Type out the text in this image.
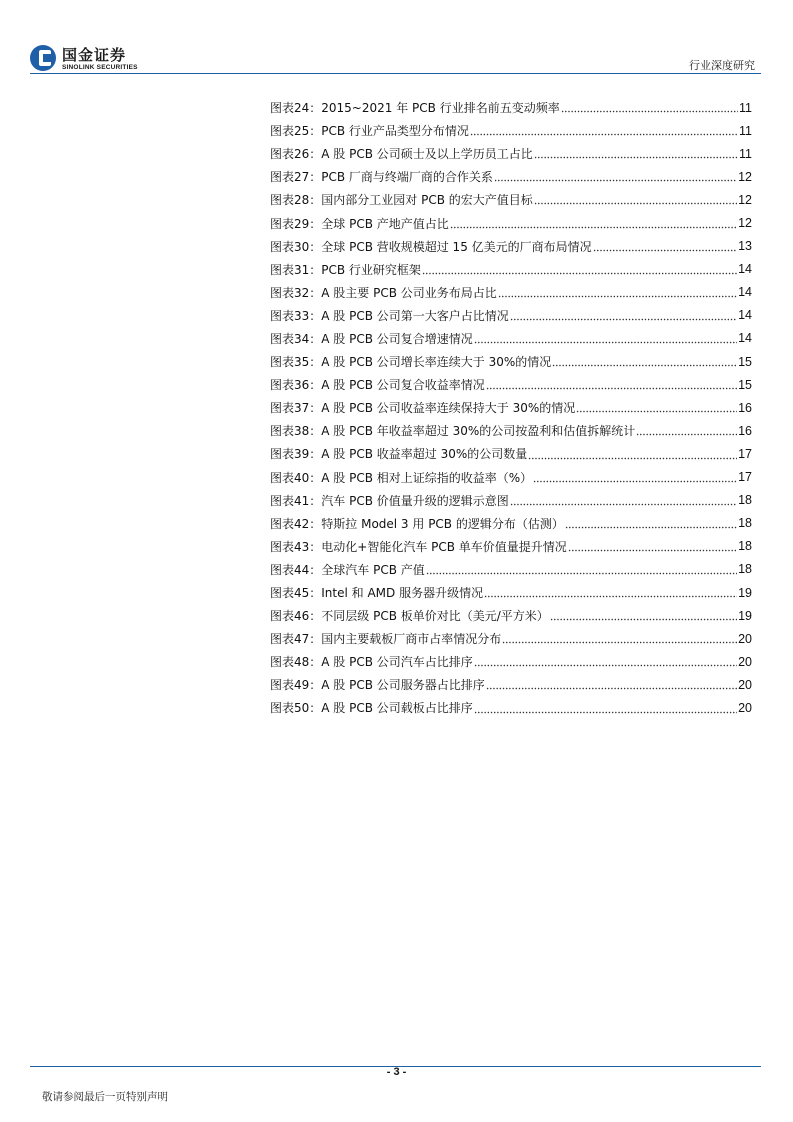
国金证券
SINOLINK SECURITIES	行业深度研究
图表24：2015~2021 年 PCB 行业排名前五变动频率	11
图表25：PCB 行业产品类型分布情况	11
图表26：A 股 PCB 公司硕士及以上学历员工占比	11
图表27：PCB 厂商与终端厂商的合作关系	12
图表28：国内部分工业园对 PCB 的宏大产值目标	12
图表29：全球 PCB 产地产值占比	12
图表30：全球 PCB 营收规模超过 15 亿美元的厂商布局情况	13
图表31：PCB 行业研究框架	14
图表32：A 股主要 PCB 公司业务布局占比	14
图表33：A 股 PCB 公司第一大客户占比情况	14
图表34：A 股 PCB 公司复合增速情况	14
图表35：A 股 PCB 公司增长率连续大于 30%的情况	15
图表36：A 股 PCB 公司复合收益率情况	15
图表37：A 股 PCB 公司收益率连续保持大于 30%的情况	16
图表38：A 股 PCB 年收益率超过 30%的公司按盈利和估值拆解统计	16
图表39：A 股 PCB 收益率超过 30%的公司数量	17
图表40：A 股 PCB 相对上证综指的收益率（%）	17
图表41：汽车 PCB 价值量升级的逻辑示意图	18
图表42：特斯拉 Model 3 用 PCB 的逻辑分布（估测）	18
图表43：电动化+智能化汽车 PCB 单车价值量提升情况	18
图表44：全球汽车 PCB 产值	18
图表45：Intel 和 AMD 服务器升级情况	19
图表46：不同层级 PCB 板单价对比（美元/平方米）	19
图表47：国内主要载板厂商市占率情况分布	20
图表48：A 股 PCB 公司汽车占比排序	20
图表49：A 股 PCB 公司服务器占比排序	20
图表50：A 股 PCB 公司载板占比排序	20
- 3 -
敬请参阅最后一页特别声明
